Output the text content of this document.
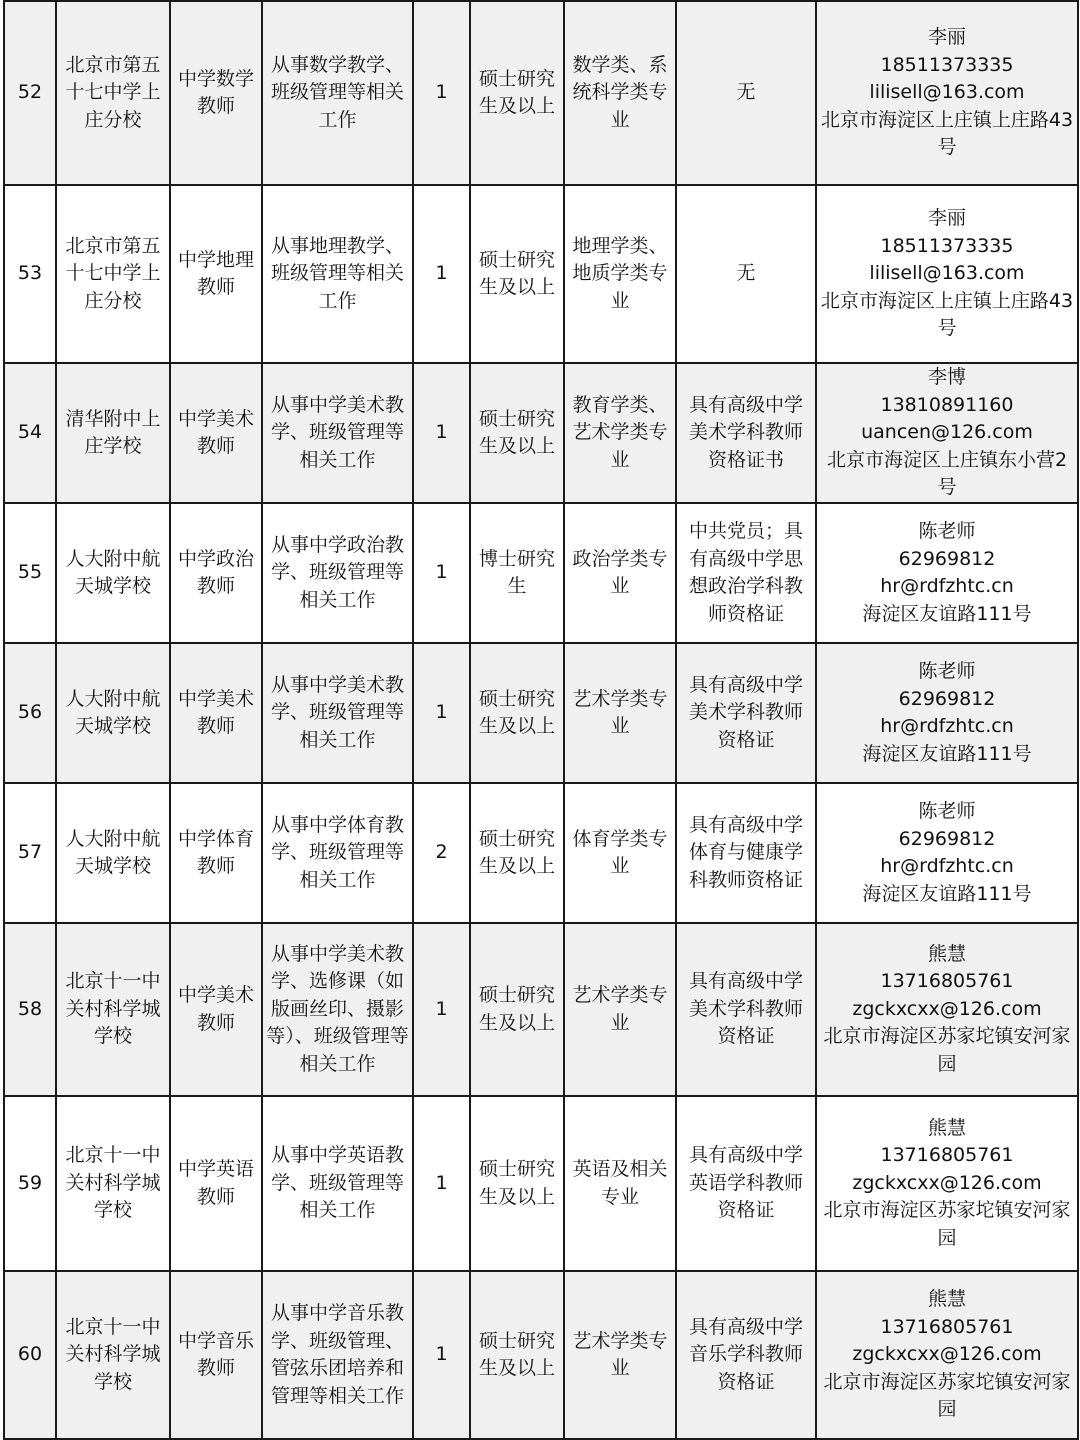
52	北京市第五十七中学上庄分校	中学数学教师	从事数学教学、班级管理等相关工作	1	硕士研究生及以上	数学类、系统科学类专业	无	李丽
18511373335
lilisell@163.com
北京市海淀区上庄镇上庄路43号

53	北京市第五十七中学上庄分校	中学地理教师	从事地理教学、班级管理等相关工作	1	硕士研究生及以上	地理学类、地质学类专业	无	李丽
18511373335
lilisell@163.com
北京市海淀区上庄镇上庄路43号

54	清华附中上庄学校	中学美术教师	从事中学美术教学、班级管理等相关工作	1	硕士研究生及以上	教育学类、艺术学类专业	具有高级中学美术学科教师资格证书	李博
13810891160
uancen@126.com
北京市海淀区上庄镇东小营2号

55	人大附中航天城学校	中学政治教师	从事中学政治教学、班级管理等相关工作	1	博士研究生	政治学类专业	中共党员；具有高级中学思想政治学科教师资格证	陈老师
62969812
hr@rdfzhtc.cn
海淀区友谊路111号

56	人大附中航天城学校	中学美术教师	从事中学美术教学、班级管理等相关工作	1	硕士研究生及以上	艺术学类专业	具有高级中学美术学科教师资格证	陈老师
62969812
hr@rdfzhtc.cn
海淀区友谊路111号

57	人大附中航天城学校	中学体育教师	从事中学体育教学、班级管理等相关工作	2	硕士研究生及以上	体育学类专业	具有高级中学体育与健康学科教师资格证	陈老师
62969812
hr@rdfzhtc.cn
海淀区友谊路111号

58	北京十一中关村科学城学校	中学美术教师	从事中学美术教学、选修课（如版画丝印、摄影等）、班级管理等相关工作	1	硕士研究生及以上	艺术学类专业	具有高级中学美术学科教师资格证	熊慧
13716805761
zgckxcxx@126.com
北京市海淀区苏家坨镇安河家园

59	北京十一中关村科学城学校	中学英语教师	从事中学英语教学、班级管理等相关工作	1	硕士研究生及以上	英语及相关专业	具有高级中学英语学科教师资格证	熊慧
13716805761
zgckxcxx@126.com
北京市海淀区苏家坨镇安河家园

60	北京十一中关村科学城学校	中学音乐教师	从事中学音乐教学、班级管理、管弦乐团培养和管理等相关工作	1	硕士研究生及以上	艺术学类专业	具有高级中学音乐学科教师资格证	熊慧
13716805761
zgckxcxx@126.com
北京市海淀区苏家坨镇安河家园
